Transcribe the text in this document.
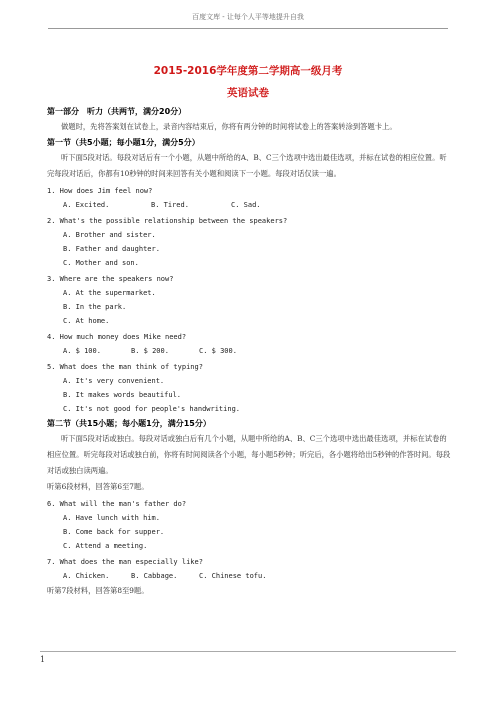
百度文库 - 让每个人平等地提升自我
2015-2016学年度第二学期高一级月考
英语试卷
第一部分　听力（共两节，满分20分）
做题时，先将答案划在试卷上，录音内容结束后，你将有两分钟的时间将试卷上的答案转涂到答题卡上。
第一节（共5小题；每小题1分，满分5分）
听下面5段对话。每段对话后有一个小题，从题中所给的A、B、C三个选项中选出最佳选项，并标在试卷的相应位置。听完每段对话后，你都有10秒钟的时间来回答有关小题和阅读下一小题。每段对话仅读一遍。
1. How does Jim feel now?
A. Excited.	B. Tired.	C. Sad.
2. What's the possible relationship between the speakers?
A. Brother and sister.
B. Father and daughter.
C. Mother and son.
3. Where are the speakers now?
A. At the supermarket.
B. In the park.
C. At home.
4. How much money does Mike need?
A. $ 100.	B. $ 200.	C. $ 300.
5. What does the man think of typing?
A. It's very convenient.
B. It makes words beautiful.
C. It's not good for people's handwriting.
第二节（共15小题；每小题1分，满分15分）
听下面5段对话或独白。每段对话或独白后有几个小题，从题中所给的A、B、C三个选项中选出最佳选项，并标在试卷的相应位置。听完每段对话或独白前，你将有时间阅读各个小题，每小题5秒钟；听完后，各小题将给出5秒钟的作答时间。每段对话或独白读两遍。
听第6段材料，回答第6至7题。
6. What will the man's father do?
A. Have lunch with him.
B. Come back for supper.
C. Attend a meeting.
7. What does the man especially like?
A. Chicken.	B. Cabbage.	C. Chinese tofu.
听第7段材料，回答第8至9题。
1
